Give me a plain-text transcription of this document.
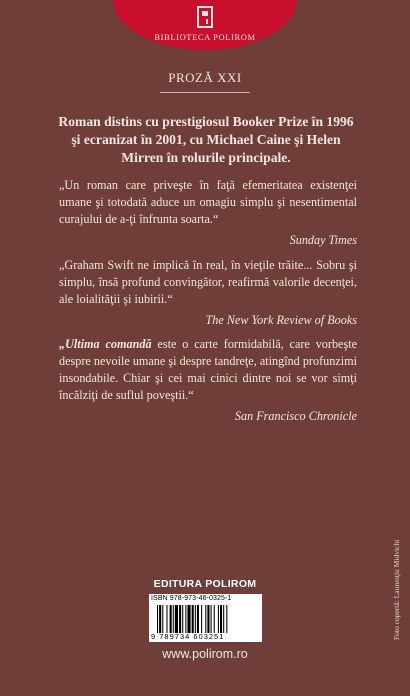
BIBLIOTECA POLIROM
PROZĂ XXI
Roman distins cu prestigiosul Booker Prize în 1996 şi ecranizat în 2001, cu Michael Caine şi Helen Mirren în rolurile principale.

„Un roman care priveşte în faţă efemeritatea existenţei umane şi totodată aduce un omagiu simplu şi nesentimental curajului de a-ţi înfrunta soarta.“

Sunday Times

„Graham Swift ne implică în real, în vieţile trăite... Sobru şi simplu, însă profund convingător, reafirmă valorile decenţei, ale loialităţii şi iubirii.“

The New York Review of Books

„Ultima comandă este o carte formidabilă, care vorbeşte despre nevoile umane şi despre tandreţe, atingînd profunzimi insondabile. Chiar şi cei mai cinici dintre noi se vor simţi încălziţi de suflul poveştii.“

San Francisco Chronicle
Foto copertă: Laurenţiu Midvichi
EDITURA POLIROM
ISBN 978-973-46-0325-1
9 789734 603251
www.polirom.ro
